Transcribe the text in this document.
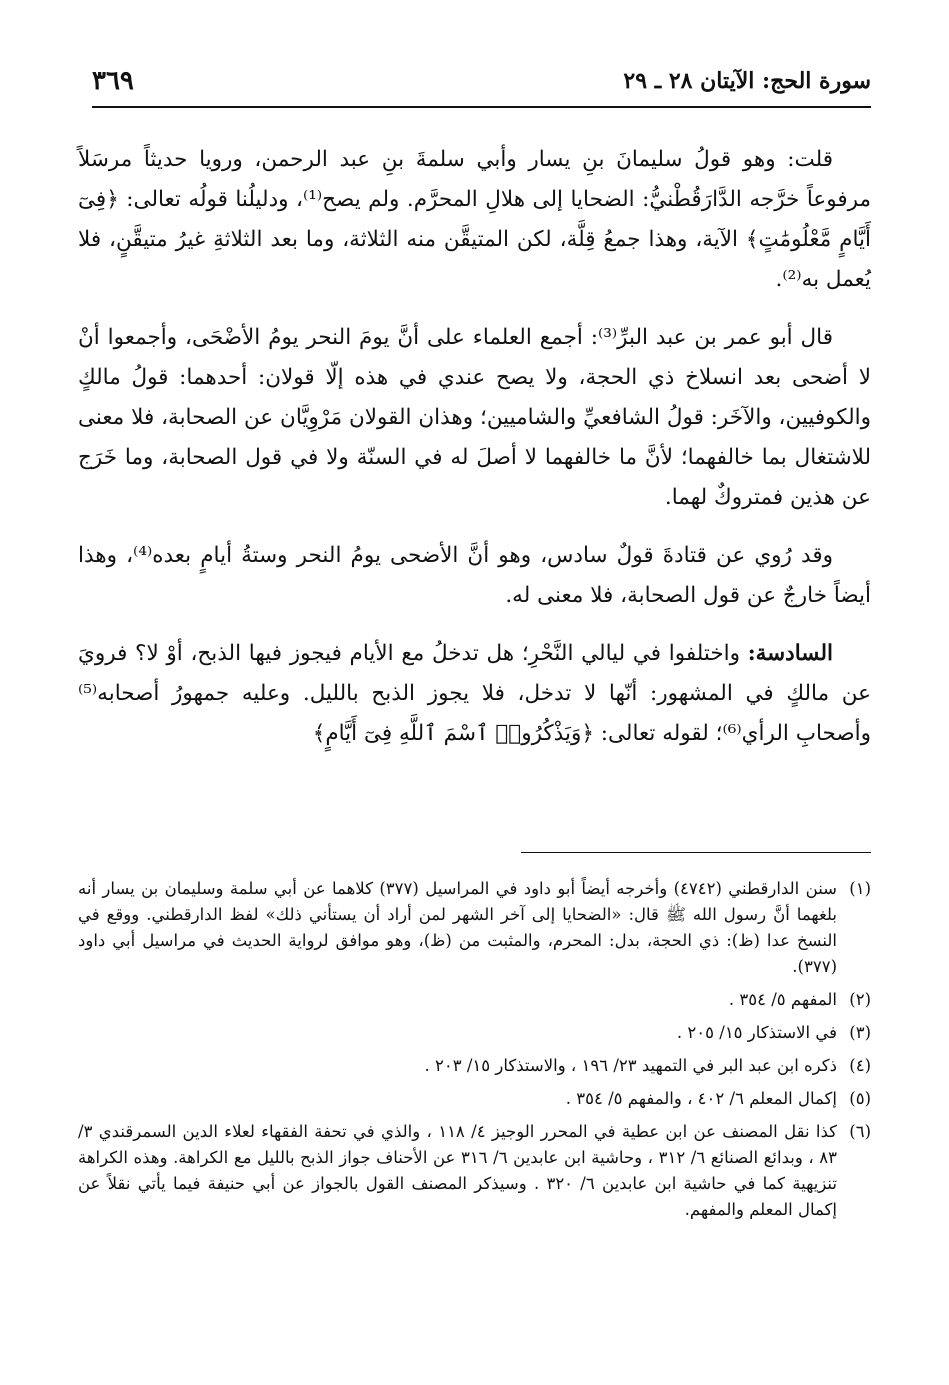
سورة الحج: الآيتان ٢٨ ـ ٢٩
٣٦٩

قلت: وهو قولُ سليمانَ بنِ يسار وأبي سلمةَ بنِ عبد الرحمن، ورويا حديثاً مرسَلاً مرفوعاً خرَّجه الدَّارَقُطْنيُّ: الضحايا إلى هلالِ المحرَّم. ولم يصح⁽¹⁾، ودليلُنا قولُه تعالى: ﴿فِىٓ أَيَّامٍ مَّعْلُومَٰتٍ﴾ الآية، وهذا جمعُ قِلَّة، لكن المتيقَّن منه الثلاثة، وما بعد الثلاثةِ غيرُ متيقَّنٍ، فلا يُعمل به⁽²⁾.

قال أبو عمر بن عبد البرِّ⁽³⁾: أجمع العلماء على أنَّ يومَ النحر يومُ الأضْحَى، وأجمعوا أنْ لا أضحى بعد انسلاخ ذي الحجة، ولا يصح عندي في هذه إلّا قولان: أحدهما: قولُ مالكٍ والكوفيين، والآخَر: قولُ الشافعيِّ والشاميين؛ وهذان القولان مَرْوِيَّان عن الصحابة، فلا معنى للاشتغال بما خالفهما؛ لأنَّ ما خالفهما لا أصلَ له في السنّة ولا في قول الصحابة، وما خَرَج عن هذين فمتروكٌ لهما.

وقد رُوي عن قتادةَ قولٌ سادس، وهو أنَّ الأضحى يومُ النحر وستةُ أيامٍ بعده⁽⁴⁾، وهذا أيضاً خارجٌ عن قول الصحابة، فلا معنى له.

السادسة: واختلفوا في ليالي النَّحْرِ؛ هل تدخلُ مع الأيام فيجوز فيها الذبح، أوْ لا؟ فرويَ عن مالكٍ في المشهور: أنّها لا تدخل، فلا يجوز الذبح بالليل. وعليه جمهورُ أصحابه⁽⁵⁾ وأصحابِ الرأي⁽⁶⁾؛ لقوله تعالى: ﴿وَيَذْكُرُوا۟ ٱسْمَ ٱللَّهِ فِىٓ أَيَّامٍ﴾

(١)
سنن الدارقطني (٤٧٤٢) وأخرجه أيضاً أبو داود في المراسيل (٣٧٧) كلاهما عن أبي سلمة وسليمان بن يسار أنه بلغهما أنَّ رسول الله ﷺ قال: «الضحايا إلى آخر الشهر لمن أراد أن يستأني ذلك» لفظ الدارقطني. ووقع في النسخ عدا (ظ): ذي الحجة، بدل: المحرم، والمثبت من (ظ)، وهو موافق لرواية الحديث في مراسيل أبي داود (٣٧٧).
(٢)
المفهم ٥/ ٣٥٤ .
(٣)
في الاستذكار ١٥/ ٢٠٥ .
(٤)
ذكره ابن عبد البر في التمهيد ٢٣/ ١٩٦ ، والاستذكار ١٥/ ٢٠٣ .
(٥)
إكمال المعلم ٦/ ٤٠٢ ، والمفهم ٥/ ٣٥٤ .
(٦)
كذا نقل المصنف عن ابن عطية في المحرر الوجيز ٤/ ١١٨ ، والذي في تحفة الفقهاء لعلاء الدين السمرقندي ٣/ ٨٣ ، وبدائع الصنائع ٦/ ٣١٢ ، وحاشية ابن عابدين ٦/ ٣١٦ عن الأحناف جواز الذبح بالليل مع الكراهة. وهذه الكراهة تنزيهية كما في حاشية ابن عابدين ٦/ ٣٢٠ . وسيذكر المصنف القول بالجواز عن أبي حنيفة فيما يأتي نقلاً عن إكمال المعلم والمفهم.
